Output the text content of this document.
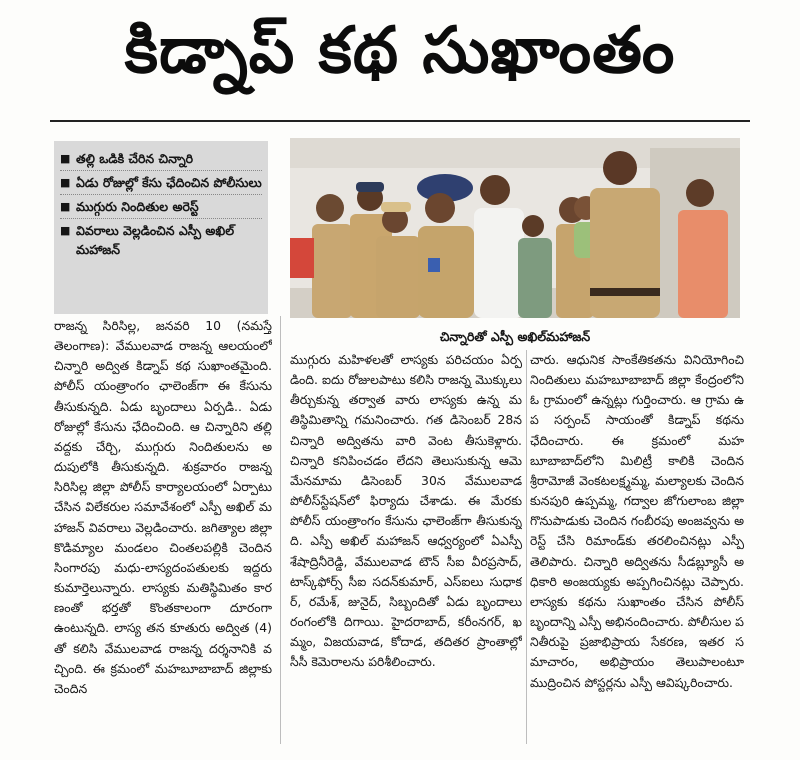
కిడ్నాప్ కథ సుఖాంతం
■ తల్లి ఒడికి చేరిన చిన్నారి
■ ఏడు రోజుల్లో కేసు ఛేదించిన పోలీసులు
■ ముగ్గురు నిందితుల అరెస్ట్
■ వివరాలు వెల్లడించిన ఎస్పీ అఖిల్ మహాజన్
చిన్నారితో ఎస్పీ అఖిల్‌మహాజన్
రాజన్న సిరిసిల్ల, జనవరి 10 (నమస్తే తెలంగాణ): వేములవాడ రాజన్న ఆలయంలో చిన్నారి అద్విత కిడ్నాప్ కథ సుఖాంతమైంది. పోలీస్ యంత్రాంగం ఛాలెంజ్‌గా ఈ కేసును తీసుకున్నది. ఏడు బృందాలు ఏర్పడి.. ఏడు రోజుల్లో కేసును ఛేదించింది. ఆ చిన్నారిని తల్లి వద్దకు చేర్చి, ముగ్గురు నిందితులను అదుపులోకి తీసుకున్నది. శుక్రవారం రాజన్న సిరిసిల్ల జిల్లా పోలీస్ కార్యాలయంలో ఏర్పాటు చేసిన విలేకరుల సమావేశంలో ఎస్పీ అఖిల్ మహాజన్ వివరాలు వెల్లడించారు. జగిత్యాల జిల్లా కొడిమ్యాల మండలం చింతలపల్లికి చెందిన సింగారపు మధు-లాస్యదంపతులకు ఇద్దరు కుమార్తెలున్నారు. లాస్యకు మతిస్థిమితం కారణంతో భర్తతో కొంతకాలంగా దూరంగా ఉంటున్నది. లాస్య తన కూతురు అద్విత (4)తో కలిసి వేములవాడ రాజన్న దర్శనానికి వచ్చింది. ఈ క్రమంలో మహబూబాబాద్ జిల్లాకు చెందిన
ముగ్గురు మహిళలతో లాస్యకు పరిచయం ఏర్పడింది. ఐదు రోజులపాటు కలిసి రాజన్న మొక్కులు తీర్చుకున్న తర్వాత వారు లాస్యకు ఉన్న మతిస్థిమితాన్ని గమనించారు. గత డిసెంబర్ 28న చిన్నారి అద్వితను వారి వెంట తీసుకెళ్లారు. చిన్నారి కనిపించడం లేదని తెలుసుకున్న ఆమె మేనమామ డిసెంబర్ 30న వేములవాడ పోలీస్‌స్టేషన్‌లో ఫిర్యాదు చేశాడు. ఈ మేరకు పోలీస్ యంత్రాంగం కేసును ఛాలెంజ్‌గా తీసుకున్నది. ఎస్పీ అఖిల్ మహాజన్ ఆధ్వర్యంలో ఏఎస్పీ శేషాద్రినీరెడ్డి, వేములవాడ టౌన్ సీఐ వీరప్రసాద్, టాస్క్‌ఫోర్స్ సీఐ సదన్‌కుమార్, ఎస్ఐలు సుధాకర్, రమేశ్, జునైద్, సిబ్బందితో ఏడు బృందాలు రంగంలోకి దిగాయి. హైదరాబాద్, కరీంనగర్, ఖమ్మం, విజయవాడ, కోదాడ, తదితర ప్రాంతాల్లో సీసీ కెమెరాలను పరిశీలించారు.
చారు. ఆధునిక సాంకేతికతను వినియోగించి నిందితులు మహబూబాబాద్ జిల్లా కేంద్రంలోని ఓ గ్రామంలో ఉన్నట్లు గుర్తించారు. ఆ గ్రామ ఉప సర్పంచ్ సాయంతో కిడ్నాప్ కథను ఛేదించారు. ఈ క్రమంలో మహబూబాబాద్‌లోని మిలిట్రీ కాలికి చెందిన శ్రీరామోజీ వెంకటలక్ష్మమ్మ, మల్యాలకు చెందిన కునపురి ఉప్పమ్మ, గద్వాల జోగులాంబ జిల్లా గొనుపాడుకు చెందిన గంబీరపు అంజవ్వను అరెస్ట్ చేసి రిమాండ్‌కు తరలించినట్లు ఎస్పీ తెలిపారు. చిన్నారి అద్వితను సీడబ్ల్యూసీ అధికారి అంజయ్యకు అప్పగించినట్లు చెప్పారు. లాస్యకు కథను సుఖాంతం చేసిన పోలీస్ బృందాన్ని ఎస్పీ అభినందించారు. పోలీసుల పనితీరుపై ప్రజాభిప్రాయ సేకరణ, ఇతర సమాచారం, అభిప్రాయం తెలుపాలంటూ ముద్రించిన పోస్టర్లను ఎస్పీ ఆవిష్కరించారు.
